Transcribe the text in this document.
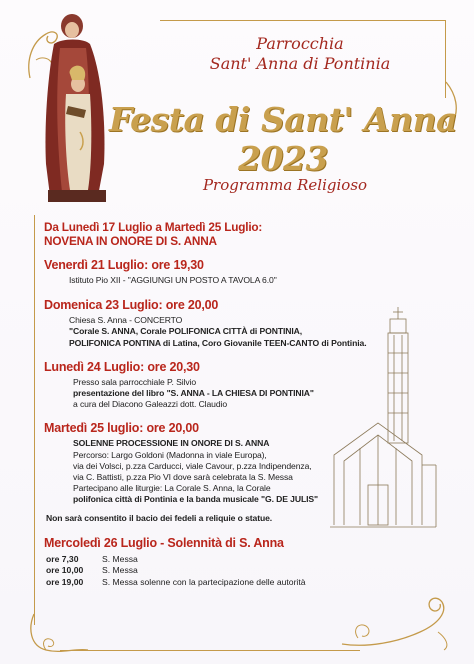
Parrocchia
Sant' Anna di Pontinia
Festa di Sant' Anna 2023
Programma Religioso
Da Lunedì 17 Luglio a Martedì 25 Luglio:
NOVENA IN ONORE DI S. ANNA
Venerdì 21 Luglio: ore 19,30
Istituto Pio XII - "AGGIUNGI UN POSTO A TAVOLA 6.0"
Domenica 23 Luglio: ore 20,00
Chiesa S. Anna - CONCERTO
"Corale S. ANNA, Corale POLIFONICA CITTÀ di PONTINIA,
POLIFONICA PONTINA di Latina, Coro Giovanile TEEN-CANTO di Pontinia.
Lunedì 24 Luglio: ore 20,30
Presso sala parrocchiale P. Silvio
presentazione del libro "S. ANNA - LA CHIESA DI PONTINIA"
a cura del Diacono Galeazzi dott. Claudio
Martedì 25 luglio: ore 20,00
SOLENNE PROCESSIONE IN ONORE DI S. ANNA
Percorso: Largo Goldoni (Madonna in viale Europa),
via dei Volsci, p.zza Carducci, viale Cavour, p.zza Indipendenza,
via C. Battisti, p.zza Pio VI dove sarà celebrata la S. Messa
Partecipano alle liturgie: La Corale S. Anna, la Corale
polifonica città di Pontinia e la banda musicale "G. DE JULIS"
Non sarà consentito il bacio dei fedeli a reliquie o statue.
Mercoledì 26 Luglio - Solennità di S. Anna
ore 7,30	S. Messa
ore 10,00	S. Messa
ore 19,00	S. Messa solenne con la partecipazione delle autorità
